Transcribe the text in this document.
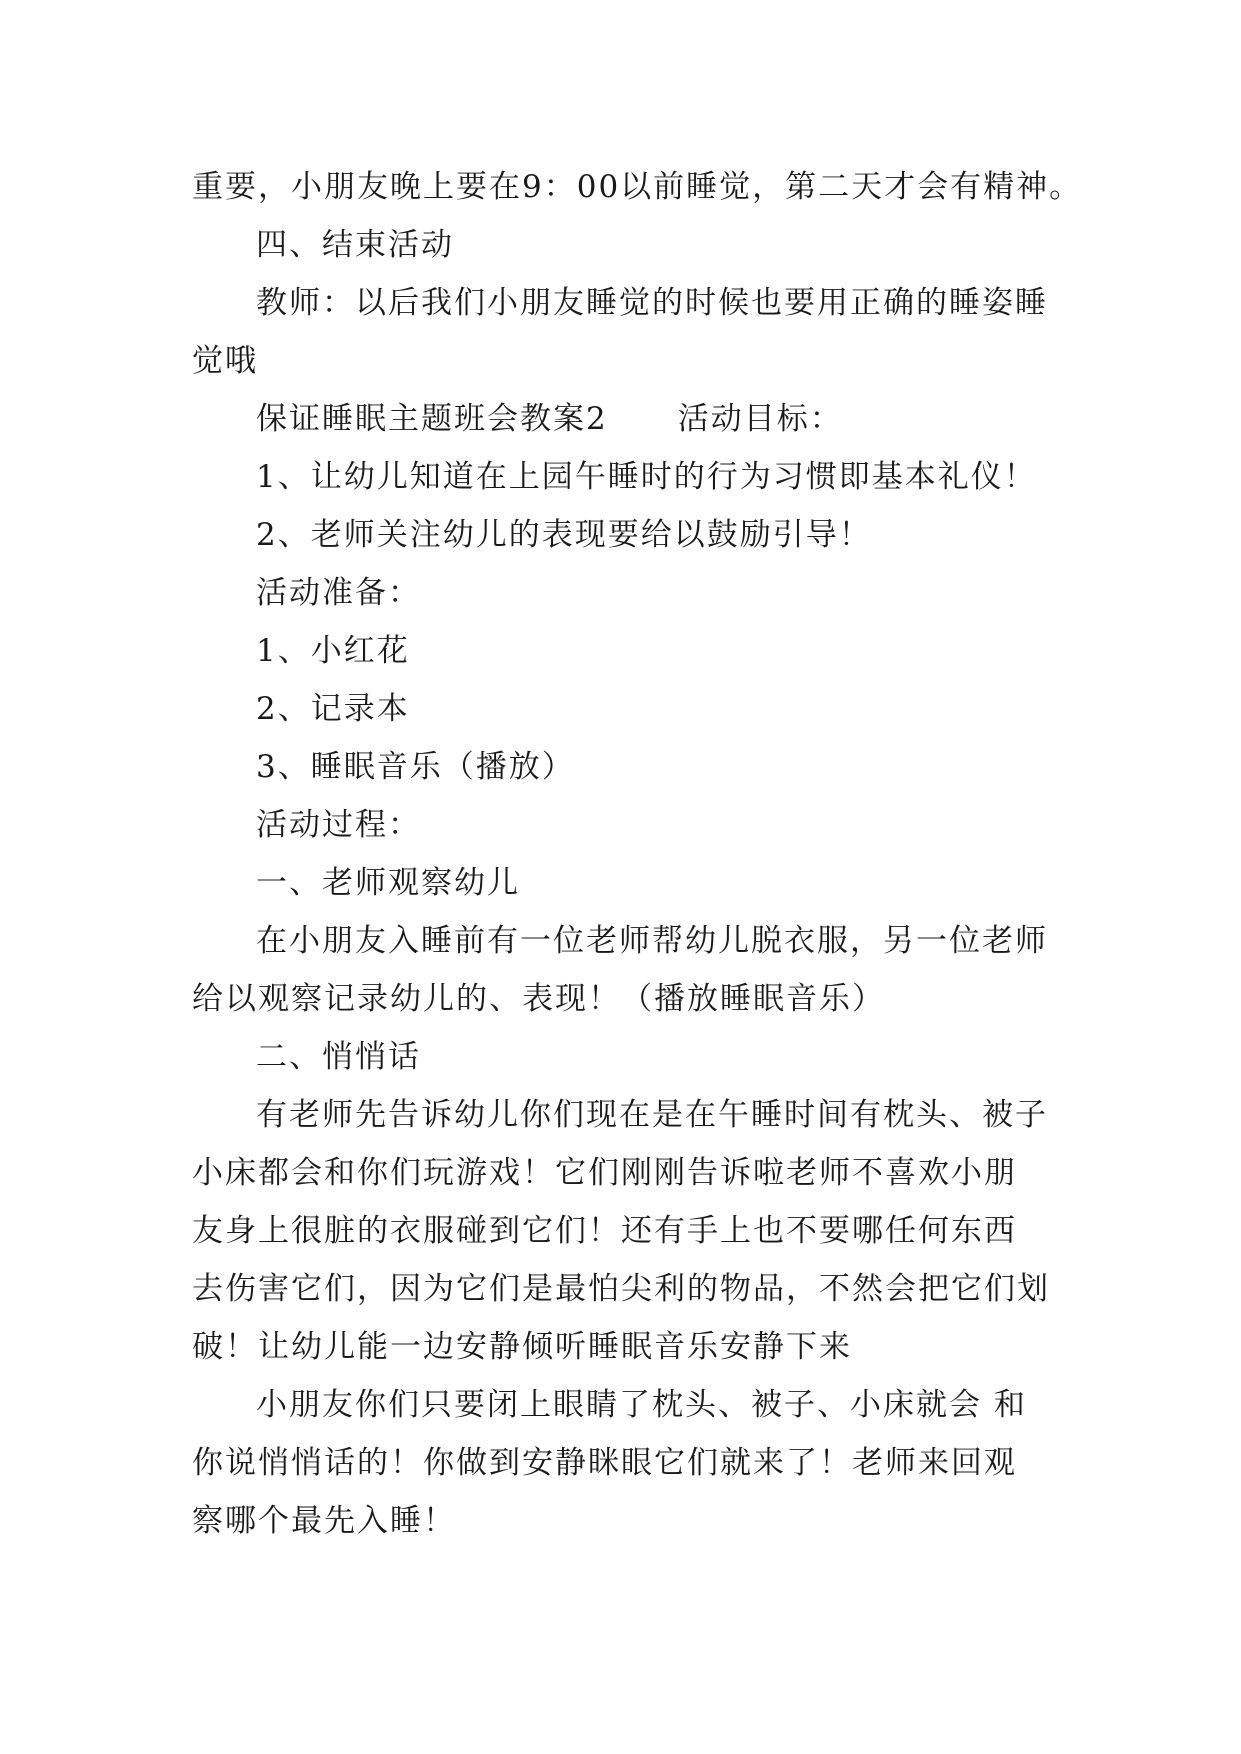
重要，小朋友晚上要在9：00以前睡觉，第二天才会有精神。
四、结束活动
教师：以后我们小朋友睡觉的时候也要用正确的睡姿睡
觉哦
保证睡眠主题班会教案2 活动目标：
1、让幼儿知道在上园午睡时的行为习惯即基本礼仪！
2、老师关注幼儿的表现要给以鼓励引导！
活动准备：
1、小红花
2、记录本
3、睡眠音乐（播放）
活动过程：
一、老师观察幼儿
在小朋友入睡前有一位老师帮幼儿脱衣服，另一位老师
给以观察记录幼儿的、表现！（播放睡眠音乐）
二、悄悄话
有老师先告诉幼儿你们现在是在午睡时间有枕头、被子
小床都会和你们玩游戏！它们刚刚告诉啦老师不喜欢小朋
友身上很脏的衣服碰到它们！还有手上也不要哪任何东西
去伤害它们，因为它们是最怕尖利的物品，不然会把它们划
破！让幼儿能一边安静倾听睡眠音乐安静下来
小朋友你们只要闭上眼睛了枕头、被子、小床就会 和
你说悄悄话的！你做到安静眯眼它们就来了！老师来回观
察哪个最先入睡！
